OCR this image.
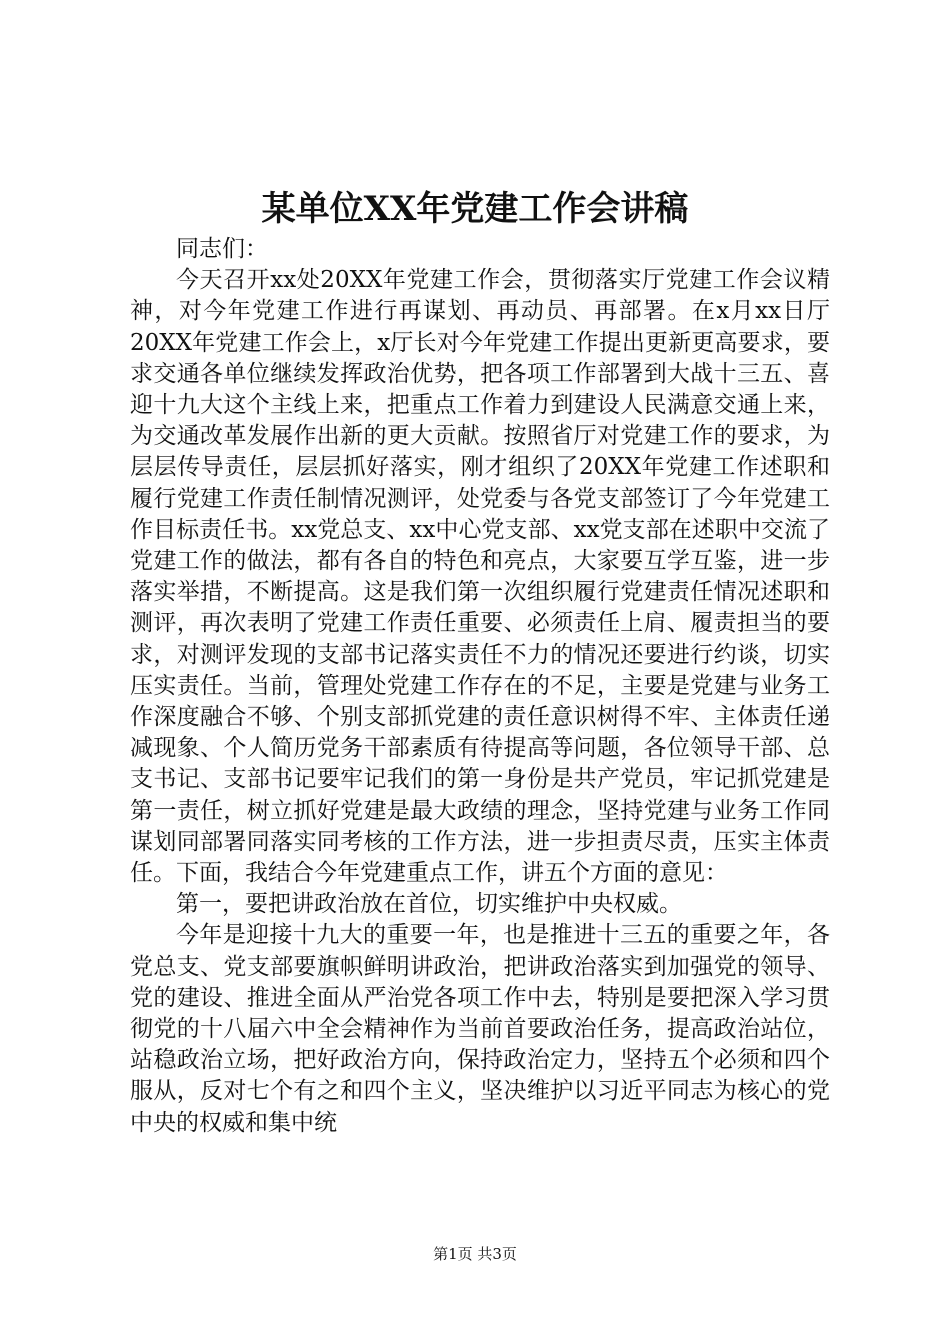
某单位XX年党建工作会讲稿

同志们：

今天召开xx处20XX年党建工作会，贯彻落实厅党建工作会议精神，对今年党建工作进行再谋划、再动员、再部署。在x月xx日厅20XX年党建工作会上，x厅长对今年党建工作提出更新更高要求，要求交通各单位继续发挥政治优势，把各项工作部署到大战十三五、喜迎十九大这个主线上来，把重点工作着力到建设人民满意交通上来，为交通改革发展作出新的更大贡献。按照省厅对党建工作的要求，为层层传导责任，层层抓好落实，刚才组织了20XX年党建工作述职和履行党建工作责任制情况测评，处党委与各党支部签订了今年党建工作目标责任书。xx党总支、xx中心党支部、xx党支部在述职中交流了党建工作的做法，都有各自的特色和亮点，大家要互学互鉴，进一步落实举措，不断提高。这是我们第一次组织履行党建责任情况述职和测评，再次表明了党建工作责任重要、必须责任上肩、履责担当的要求，对测评发现的支部书记落实责任不力的情况还要进行约谈，切实压实责任。当前，管理处党建工作存在的不足，主要是党建与业务工作深度融合不够、个别支部抓党建的责任意识树得不牢、主体责任递减现象、个人简历党务干部素质有待提高等问题，各位领导干部、总支书记、支部书记要牢记我们的第一身份是共产党员，牢记抓党建是第一责任，树立抓好党建是最大政绩的理念，坚持党建与业务工作同谋划同部署同落实同考核的工作方法，进一步担责尽责，压实主体责任。下面，我结合今年党建重点工作，讲五个方面的意见：

第一，要把讲政治放在首位，切实维护中央权威。

今年是迎接十九大的重要一年，也是推进十三五的重要之年，各党总支、党支部要旗帜鲜明讲政治，把讲政治落实到加强党的领导、党的建设、推进全面从严治党各项工作中去，特别是要把深入学习贯彻党的十八届六中全会精神作为当前首要政治任务，提高政治站位，站稳政治立场，把好政治方向，保持政治定力，坚持五个必须和四个服从，反对七个有之和四个主义，坚决维护以习近平同志为核心的党中央的权威和集中统

第1页 共3页
